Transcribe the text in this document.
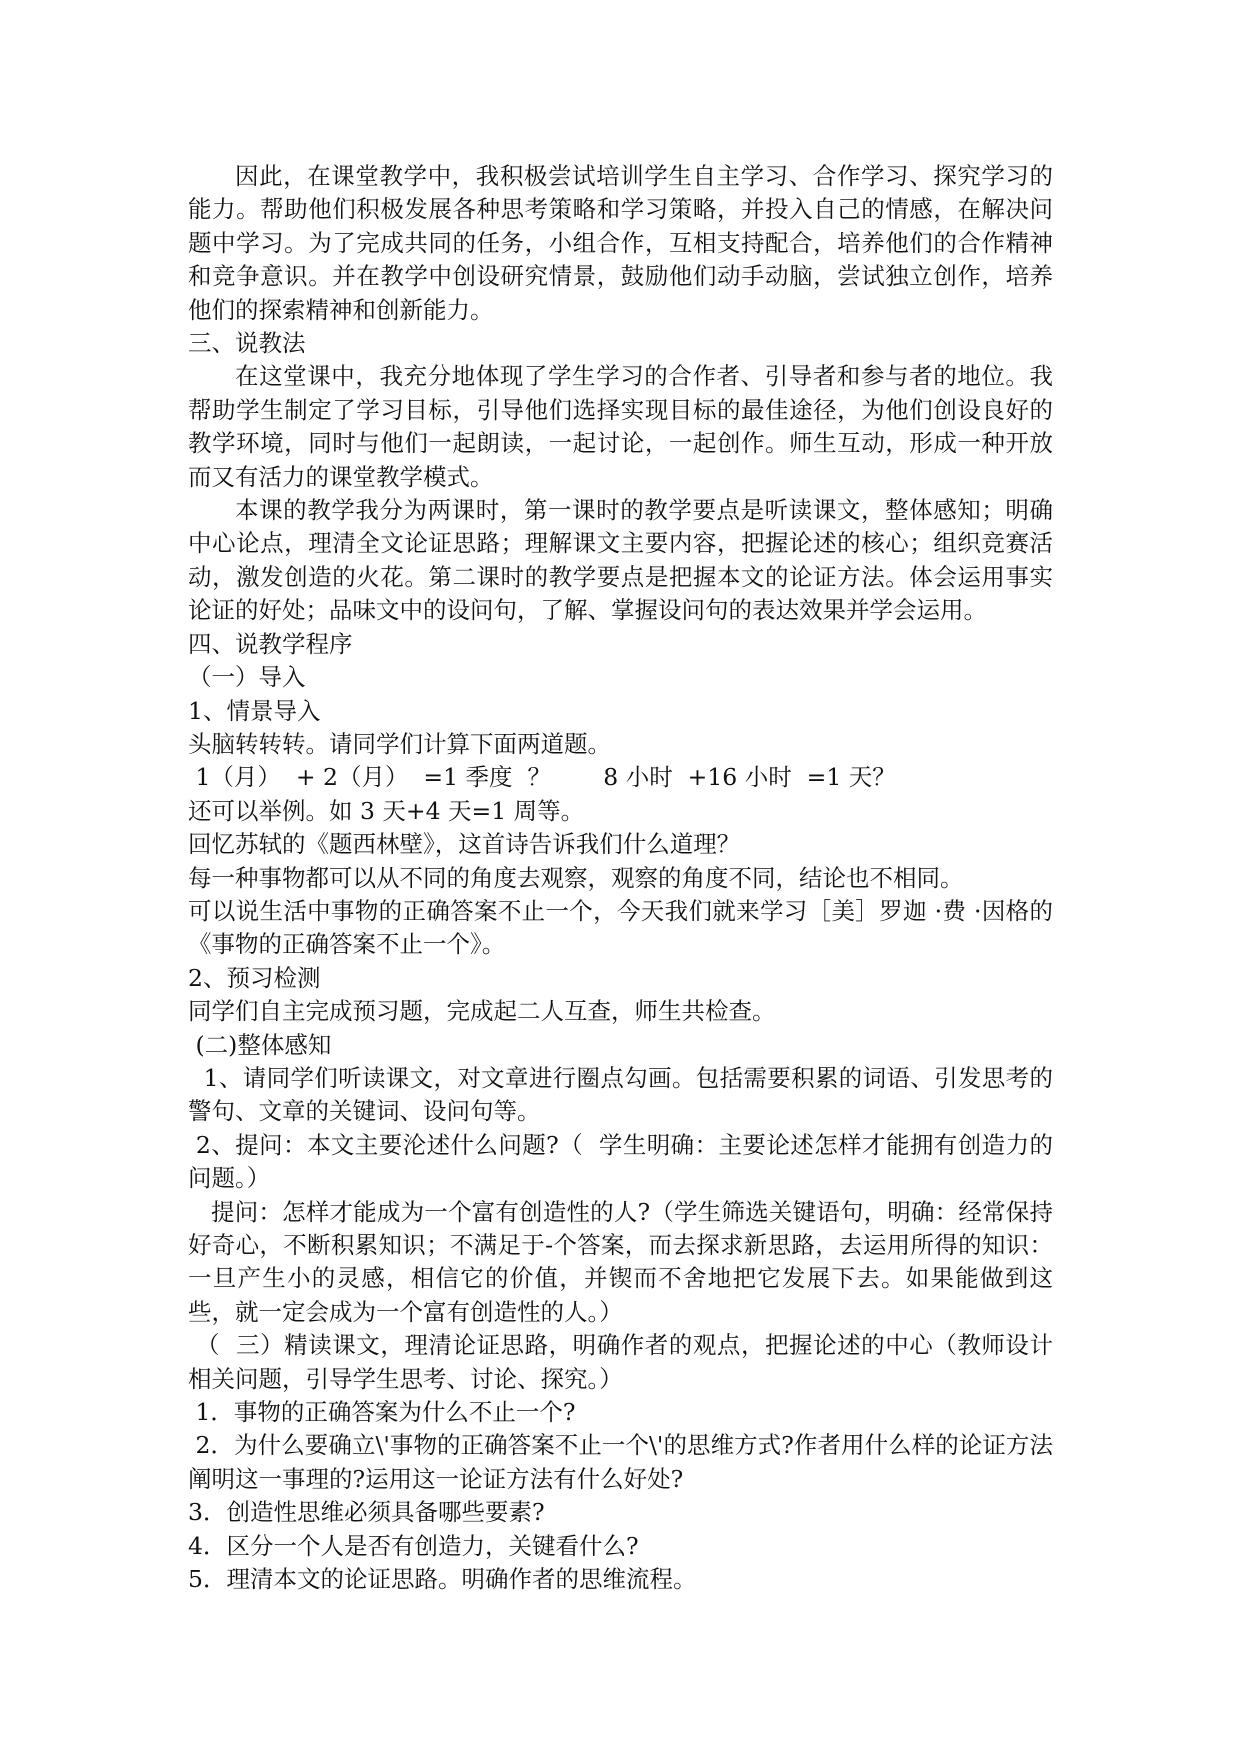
因此，在课堂教学中，我积极尝试培训学生自主学习、合作学习、探究学习的能力。帮助他们积极发展各种思考策略和学习策略，并投入自己的情感，在解决问题中学习。为了完成共同的任务，小组合作，互相支持配合，培养他们的合作精神和竞争意识。并在教学中创设研究情景，鼓励他们动手动脑，尝试独立创作，培养他们的探索精神和创新能力。

三、说教法

在这堂课中，我充分地体现了学生学习的合作者、引导者和参与者的地位。我帮助学生制定了学习目标，引导他们选择实现目标的最佳途径，为他们创设良好的教学环境，同时与他们一起朗读，一起讨论，一起创作。师生互动，形成一种开放而又有活力的课堂教学模式。

本课的教学我分为两课时，第一课时的教学要点是听读课文，整体感知；明确中心论点，理清全文论证思路；理解课文主要内容，把握论述的核心；组织竞赛活动，激发创造的火花。第二课时的教学要点是把握本文的论证方法。体会运用事实论证的好处；品味文中的设问句，了解、掌握设问句的表达效果并学会运用。

四、说教学程序

（一）导入

1、情景导入

头脑转转转。请同学们计算下面两道题。

1（月）  + 2（月）  =1 季度  ？       8 小时  +16 小时  =1 天？

还可以举例。如 3 天+4 天=1 周等。

回忆苏轼的《题西林壁》，这首诗告诉我们什么道理？

每一种事物都可以从不同的角度去观察，观察的角度不同，结论也不相同。

可以说生活中事物的正确答案不止一个，今天我们就来学习［美］罗迦 ·费 ·因格的《事物的正确答案不止一个》。

2、预习检测

同学们自主完成预习题，完成起二人互查，师生共检查。

(二)整体感知

1、请同学们听读课文，对文章进行圈点勾画。包括需要积累的词语、引发思考的警句、文章的关键词、设问句等。

2、提问：本文主要沦述什么问题?（  学生明确：主要论述怎样才能拥有创造力的问题。）

提问：怎样才能成为一个富有创造性的人?（学生筛选关键语句，明确：经常保持好奇心，不断积累知识；不满足于-个答案，而去探求新思路，去运用所得的知识：一旦产生小的灵感，相信它的价值，并锲而不舍地把它发展下去。如果能做到这些，就一定会成为一个富有创造性的人。）

（  三）精读课文，理清论证思路，明确作者的观点，把握论述的中心（教师设计相关问题，引导学生思考、讨论、探究。）

1．事物的正确答案为什么不止一个?

2．为什么要确立\'事物的正确答案不止一个\'的思维方式?作者用什么样的论证方法阐明这一事理的?运用这一论证方法有什么好处?

3．创造性思维必须具备哪些要素?

4．区分一个人是否有创造力，关键看什么?

5．理清本文的论证思路。明确作者的思维流程。
